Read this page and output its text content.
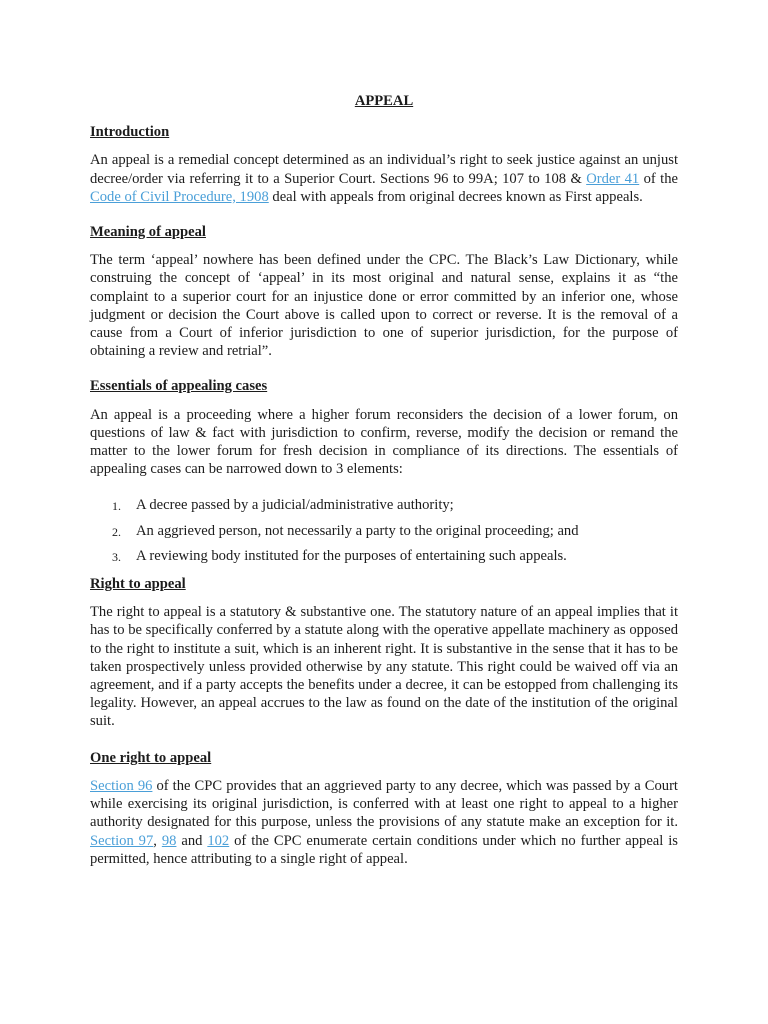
APPEAL
Introduction

An appeal is a remedial concept determined as an individual’s right to seek justice against an unjust decree/order via referring it to a Superior Court. Sections 96 to 99A; 107 to 108 & Order 41 of the Code of Civil Procedure, 1908 deal with appeals from original decrees known as First appeals.

Meaning of appeal

The term ‘appeal’ nowhere has been defined under the CPC. The Black’s Law Dictionary, while construing the concept of ‘appeal’ in its most original and natural sense, explains it as “the complaint to a superior court for an injustice done or error committed by an inferior one, whose judgment or decision the Court above is called upon to correct or reverse. It is the removal of a cause from a Court of inferior jurisdiction to one of superior jurisdiction, for the purpose of obtaining a review and retrial”.

Essentials of appealing cases

An appeal is a proceeding where a higher forum reconsiders the decision of a lower forum, on questions of law & fact with jurisdiction to confirm, reverse, modify the decision or remand the matter to the lower forum for fresh decision in compliance of its directions. The essentials of appealing cases can be narrowed down to 3 elements:

1. A decree passed by a judicial/administrative authority;
2. An aggrieved person, not necessarily a party to the original proceeding; and
3. A reviewing body instituted for the purposes of entertaining such appeals.
Right to appeal

The right to appeal is a statutory & substantive one. The statutory nature of an appeal implies that it has to be specifically conferred by a statute along with the operative appellate machinery as opposed to the right to institute a suit, which is an inherent right. It is substantive in the sense that it has to be taken prospectively unless provided otherwise by any statute. This right could be waived off via an agreement, and if a party accepts the benefits under a decree, it can be estopped from challenging its legality. However, an appeal accrues to the law as found on the date of the institution of the original suit.

One right to appeal

Section 96 of the CPC provides that an aggrieved party to any decree, which was passed by a Court while exercising its original jurisdiction, is conferred with at least one right to appeal to a higher authority designated for this purpose, unless the provisions of any statute make an exception for it. Section 97, 98 and 102 of the CPC enumerate certain conditions under which no further appeal is permitted, hence attributing to a single right of appeal.
